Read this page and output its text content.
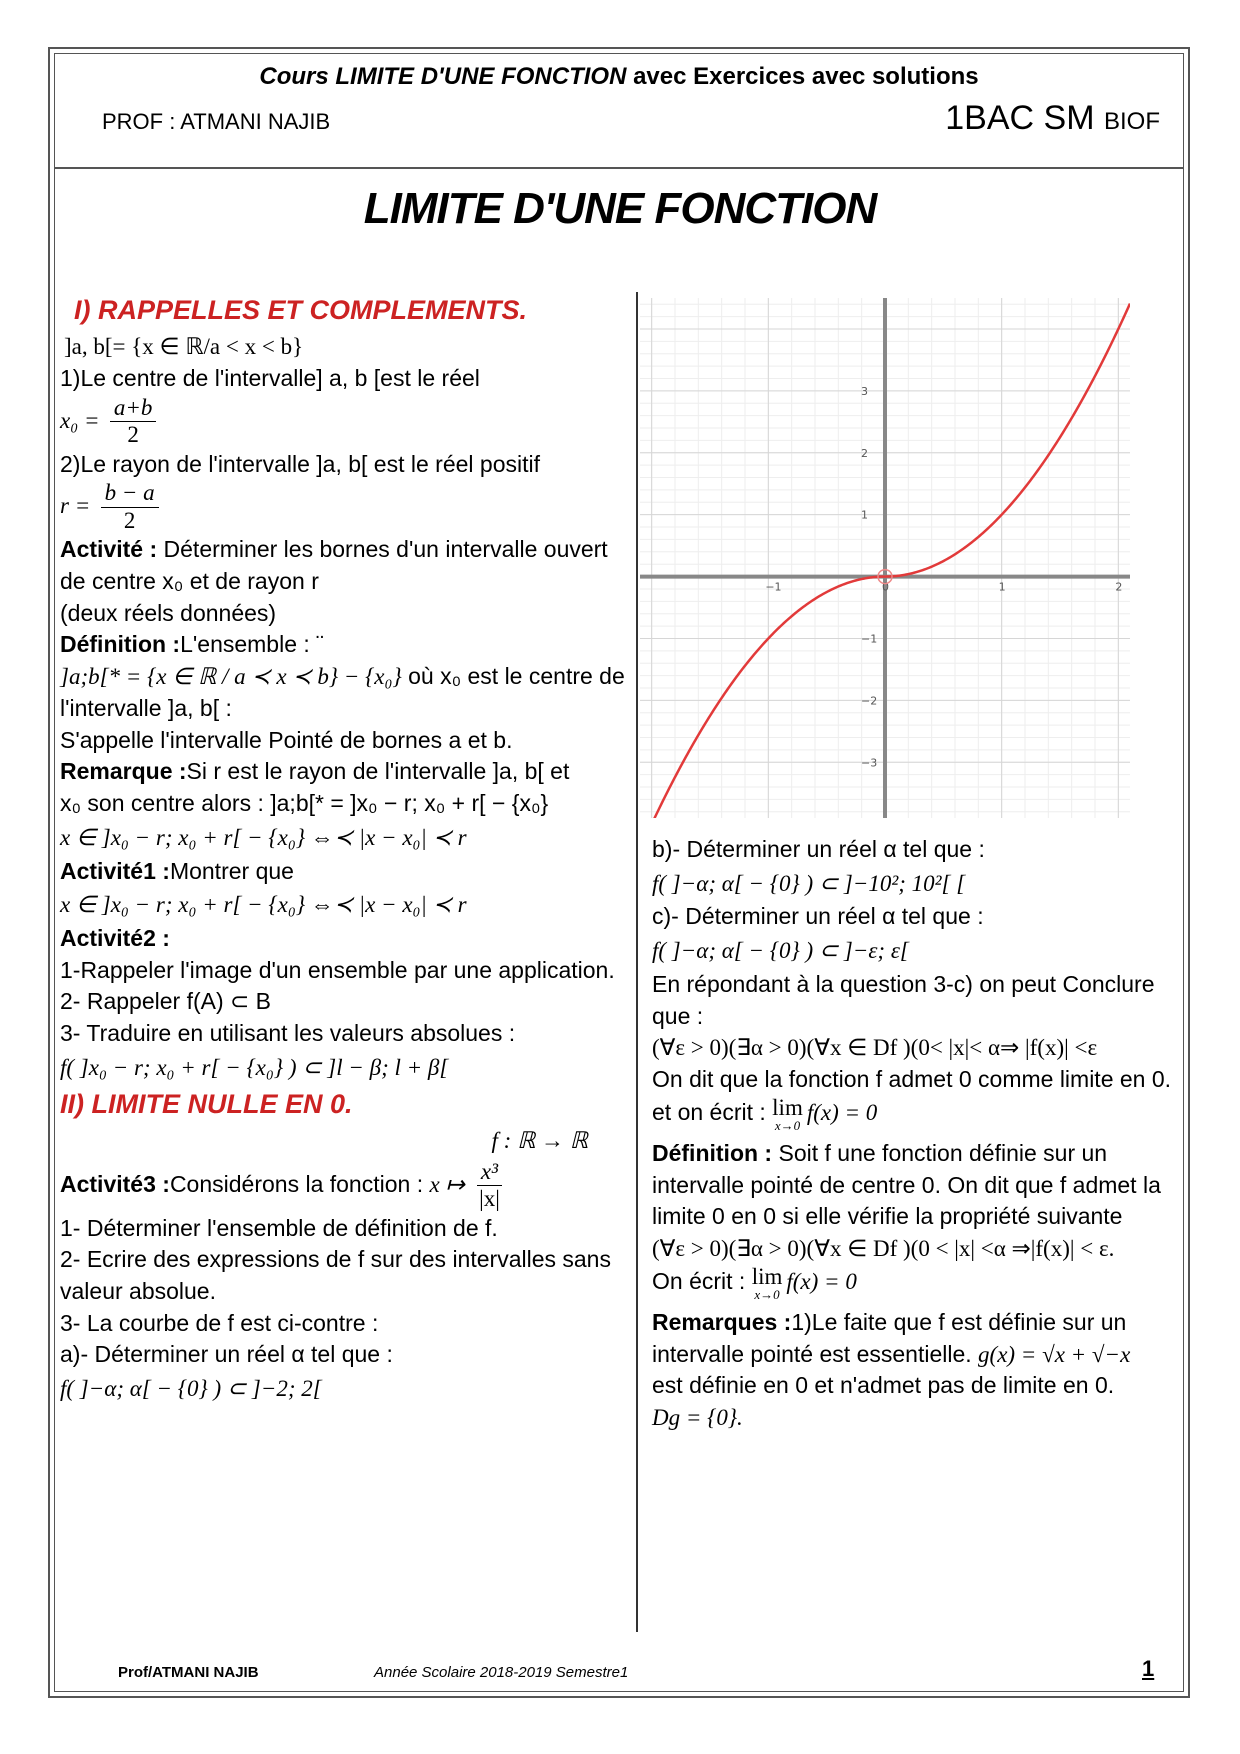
Cours LIMITE D'UNE FONCTION avec Exercices avec solutions
PROF : ATMANI NAJIB	1BAC SM BIOF
LIMITE D'UNE FONCTION
I) RAPPELLES ET COMPLEMENTS.

]a, b[= {x ∈ ℝ/a < x < b}

1)Le centre de l'intervalle] a, b [est le réel

$x_0 = \frac{a+b}{2}$

2)Le rayon de l'intervalle ]a, b[ est le réel positif

$r = \frac{b - a}{2}$

Activité : Déterminer les bornes d'un intervalle ouvert de centre x₀ et de rayon r

(deux réels données)

Définition :L'ensemble : ¨

]a;b[* = {x ∈ ℝ / a ≺ x ≺ b} − {x₀} où x₀ est le centre de l'intervalle ]a, b[ :

S'appelle l'intervalle Pointé de bornes a et b.

Remarque :Si r est le rayon de l'intervalle ]a, b[ et

x₀ son centre alors : ]a;b[* = ]x₀ − r; x₀ + r[ − {x₀}

x ∈ ]x₀ − r; x₀ + r[ − {x₀} ⇔≺ |x − x₀| ≺ r

Activité1 :Montrer que

x ∈ ]x₀ − r; x₀ + r[ − {x₀} ⇔≺ |x − x₀| ≺ r

Activité2 :

1-Rappeler l'image d'un ensemble par une application.

2- Rappeler f(A) ⊂ B

3- Traduire en utilisant les valeurs absolues :

f( ]x₀ − r; x₀ + r[ − {x₀} ) ⊂ ]l − β; l + β[

II) LIMITE NULLE EN 0.

f : ℝ → ℝ

Activité3 :Considérons la fonction : x ↦ $\frac{\text{x³}}{|x|}$

1- Déterminer l'ensemble de définition de f.

2- Ecrire des expressions de f sur des intervalles sans valeur absolue.

3- La courbe de f est ci-contre :

a)- Déterminer un réel α tel que :

f( ]−α; α[ − {0} ) ⊂ ]−2; 2[

−1	0	1	2
−3
−2
−1
1
2
3

b)- Déterminer un réel α tel que :

f( ]−α; α[ − {0} ) ⊂ ]−10²; 10²[ [

c)- Déterminer un réel α tel que :

f( ]−α; α[ − {0} ) ⊂ ]−ε; ε[

En répondant à la question 3-c) on peut Conclure que :

(∀ε > 0)(∃α > 0)(∀x ∈ Df )(0< |x|< α⇒ |f(x)| <ε

On dit que la fonction f admet 0 comme limite en 0. et on écrit : lim
x→0
f(x) = 0

Définition : Soit f une fonction définie sur un intervalle pointé de centre 0. On dit que f admet la limite 0 en 0 si elle vérifie la propriété suivante

(∀ε > 0)(∃α > 0)(∀x ∈ Df )(0 < |x| <α ⇒|f(x)| < ε.

On écrit : lim
x→0
f(x) = 0

Remarques :1)Le faite que f est définie sur un intervalle pointé est essentielle. g(x) = √x + √−x

est définie en 0 et n'admet pas de limite en 0.

Dg = {0}.

Prof/ATMANI NAJIB	Année Scolaire 2018-2019 Semestre1	1
